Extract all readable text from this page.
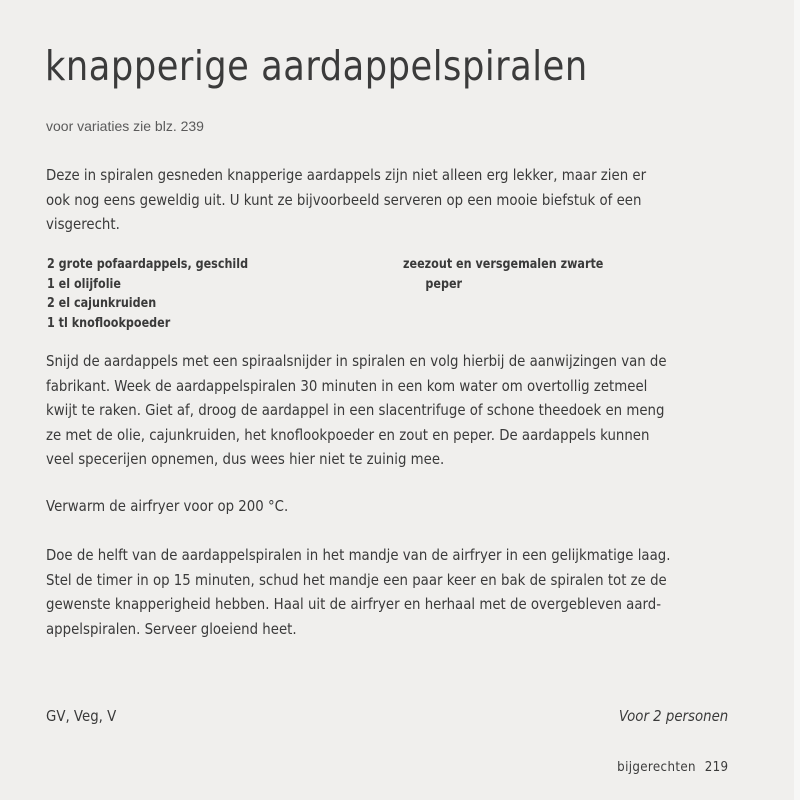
knapperige aardappelspiralen
voor variaties zie blz. 239
Deze in spiralen gesneden knapperige aardappels zijn niet alleen erg lekker, maar zien er
ook nog eens geweldig uit. U kunt ze bijvoorbeeld serveren op een mooie biefstuk of een
visgerecht.
2 grote pofaardappels, geschild
1 el olijfolie
2 el cajunkruiden
1 tl knoflookpoeder
zeezout en versgemalen zwarte
peper
Snijd de aardappels met een spiraalsnijder in spiralen en volg hierbij de aanwijzingen van de
fabrikant. Week de aardappelspiralen 30 minuten in een kom water om overtollig zetmeel
kwijt te raken. Giet af, droog de aardappel in een slacentrifuge of schone theedoek en meng
ze met de olie, cajunkruiden, het knoflookpoeder en zout en peper. De aardappels kunnen
veel specerijen opnemen, dus wees hier niet te zuinig mee.
Verwarm de airfryer voor op 200 °C.
Doe de helft van de aardappelspiralen in het mandje van de airfryer in een gelijkmatige laag.
Stel de timer in op 15 minuten, schud het mandje een paar keer en bak de spiralen tot ze de
gewenste knapperigheid hebben. Haal uit de airfryer en herhaal met de overgebleven aard-
appelspiralen. Serveer gloeiend heet.
GV, Veg, V	Voor 2 personen
bijgerechten 219
